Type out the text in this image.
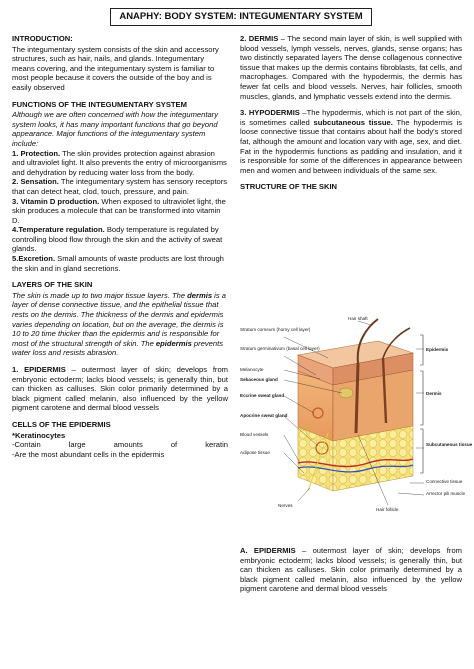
ANAPHY: BODY SYSTEM: INTEGUMENTARY SYSTEM
INTRODUCTION:

The integumentary system consists of the skin and accessory structures, such as hair, nails, and glands. Integumentary means covering, and the integumentary system is familiar to most people because it covers the outside of the boy and is easily observed

FUNCTIONS OF THE INTEGUMENTARY SYSTEM

Although we are often concerned with how the integumentary system looks, it has many important functions that go beyond appearance. Major functions of the integumentary system include:

1. Protection. The skin provides protection against abrasion and ultraviolet light. It also prevents the entry of microorganisms and dehydration by reducing water loss from the body.

2. Sensation. The integumentary system has sensory receptors that can detect heat, clod, touch, pressure, and pain.

3. Vitamin D production. When exposed to ultraviolet light, the skin produces a molecule that can be transformed into vitamin D.

4.Temperature regulation. Body temperature is regulated by controlling blood flow through the skin and the activity of sweat glands.

5.Excretion. Small amounts of waste products are lost through the skin and in gland secretions.

LAYERS OF THE SKIN

The skin is made up to two major tissue layers. The dermis is a layer of dense connective tissue, and the epithelial tissue that rests on the dermis. The thickness of the dermis and epidermis varies depending on location, but on the average, the dermis is 10 to 20 time thicker than the epidermis and is responsible for most of the structural strength of skin. The epidermis prevents water loss and resists abrasion.

1. EPIDERMIS – outermost layer of skin; develops from embryonic ectoderm; lacks blood vessels; is generally thin, but can thicken as calluses. Skin color primarily determined by a black pigment called melanin, also influenced by the yellow pigment carotene and dermal blood vessels

CELLS OF THE EPIDERMIS
*Keratinocytes
-Contain large amounts of keratin
-Are the most abundant cells in the epidermis

2. DERMIS – The second main layer of skin, is well supplied with blood vessels, lymph vessels, nerves, glands, sense organs; has two distinctly separated layers The dense collagenous connective tissue that makes up the dermis contains fibroblasts, fat cells, and macrophages. Compared with the hypodermis, the dermis has fewer fat cells and blood vessels. Nerves, hair follicles, smooth muscles, glands, and lymphatic vessels extend into the dermis.

3. HYPODERMIS –The hypodermis, which is not part of the skin, is sometimes called subcutaneous tissue. The hypodermis is loose connective tissue that contains about half the body's stored fat, although the amount and location vary with age, sex, and diet. Fat in the hypodermis functions as padding and insulation, and it is responsible for some of the differences in appearance between men and women and between individuals of the same sex.

STRUCTURE OF THE SKIN
Hair shaft
Stratum corneum (horny cell layer)
Stratum germinativum (basal cell layer)
Melanocyte
Sebaceous gland
Eccrine sweat gland
Apocrine sweat gland
Blood vessels
Adipose tissue
Nerves
Hair follicle
Epidermis
Dermis
Subcutaneous tissue
Connective tissue
Arrector pili muscle

A. EPIDERMIS – outermost layer of skin; develops from embryonic ectoderm; lacks blood vessels; is generally thin, but can thicken as calluses. Skin color primarily determined by a black pigment called melanin, also influenced by the yellow pigment carotene and dermal blood vessels
